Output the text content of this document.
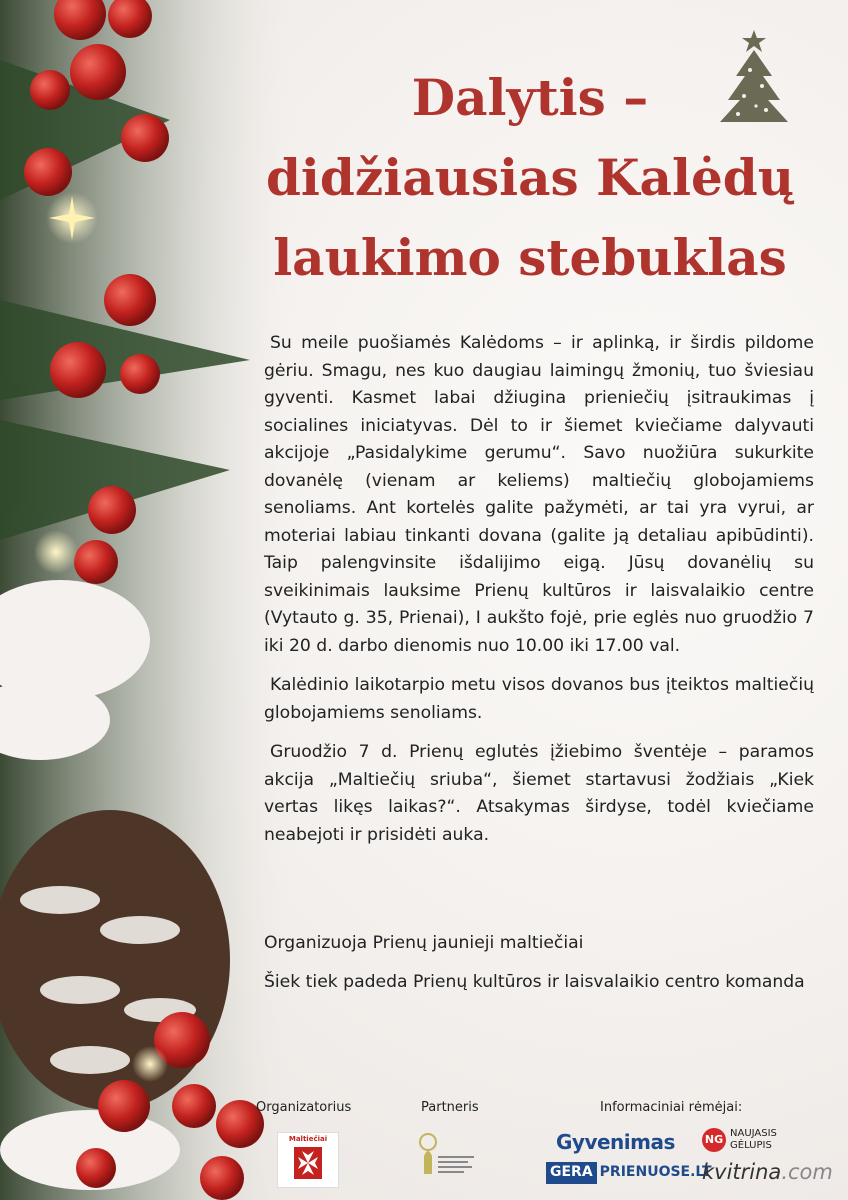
Dalytis –
didžiausias Kalėdų
laukimo stebuklas

Su meile puošiamės Kalėdoms – ir aplinką, ir širdis pildome gėriu. Smagu, nes kuo daugiau laimingų žmonių, tuo šviesiau gyventi. Kasmet labai džiugina prieniečių įsitraukimas į socialines iniciatyvas. Dėl to ir šiemet kviečiame dalyvauti akcijoje „Pasidalykime gerumu“. Savo nuožiūra sukurkite dovanėlę (vienam ar keliems) maltiečių globojamiems senoliams. Ant kortelės galite pažymėti, ar tai yra vyrui, ar moteriai labiau tinkanti dovana (galite ją detaliau apibūdinti). Taip palengvinsite išdalijimo eigą. Jūsų dovanėlių su sveikinimais lauksime Prienų kultūros ir laisvalaikio centre (Vytauto g. 35, Prienai), I aukšto fojė, prie eglės nuo gruodžio 7 iki 20 d. darbo dienomis nuo 10.00 iki 17.00 val.

Kalėdinio laikotarpio metu visos dovanos bus įteiktos maltiečių globojamiems senoliams.

Gruodžio 7 d. Prienų eglutės įžiebimo šventėje – paramos akcija „Maltiečių sriuba“, šiemet startavusi žodžiais „Kiek vertas likęs laikas?“. Atsakymas širdyse, todėl kviečiame neabejoti ir prisidėti auka.

Organizuoja Prienų jaunieji maltiečiai

Šiek tiek padeda Prienų kultūros ir laisvalaikio centro komanda

Organizatorius	Partneris	Informaciniai rėmėjai:
Maltiečiai	Gyvenimas
GERA PRIENUOSE.LT
NG NAUJASIS
GĖLUPIS
kvitrina.com
